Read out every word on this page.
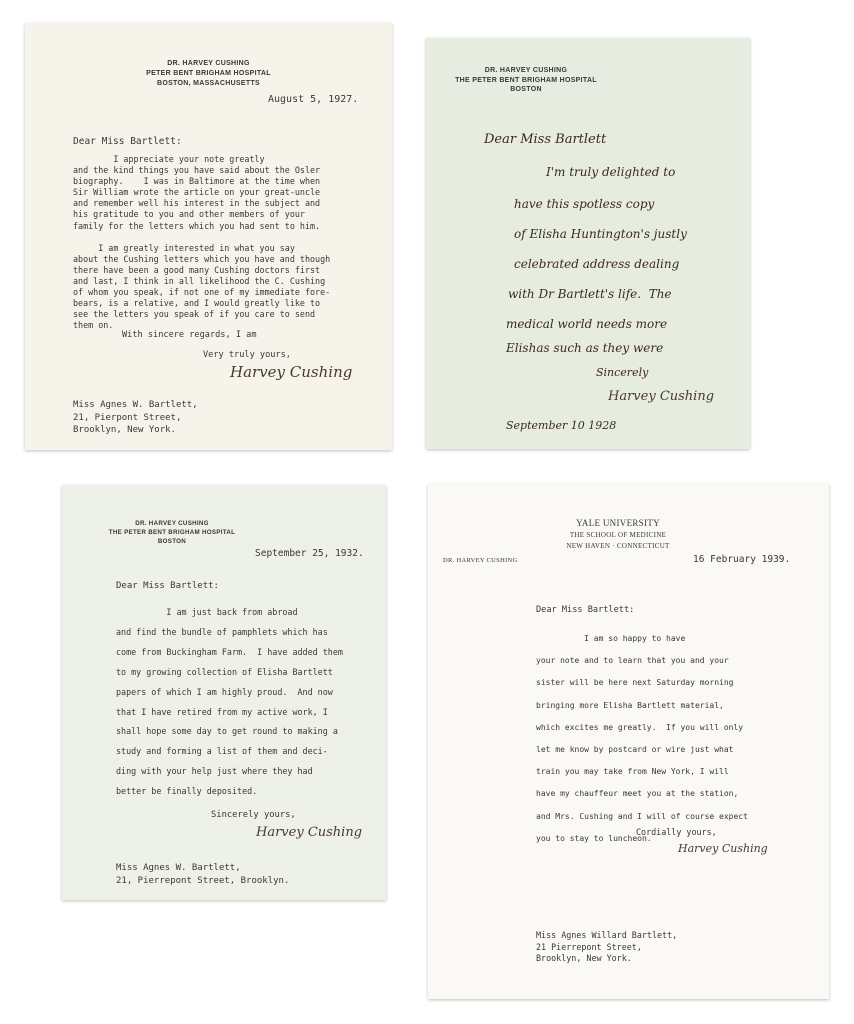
DR. HARVEY CUSHING
PETER BENT BRIGHAM HOSPITAL
BOSTON, MASSACHUSETTS
August 5, 1927.
Dear Miss Bartlett:
I appreciate your note greatly
and the kind things you have said about the Osler
biography.    I was in Baltimore at the time when
Sir William wrote the article on your great-uncle
and remember well his interest in the subject and
his gratitude to you and other members of your
family for the letters which you had sent to him.

I am greatly interested in what you say
about the Cushing letters which you have and though
there have been a good many Cushing doctors first
and last, I think in all likelihood the C. Cushing
of whom you speak, if not one of my immediate fore-
bears, is a relative, and I would greatly like to
see the letters you speak of if you care to send
them on.
With sincere regards, I am
Very truly yours,
Harvey Cushing
Miss Agnes W. Bartlett,
21, Pierpont Street,
Brooklyn, New York.
DR. HARVEY CUSHING
THE PETER BENT BRIGHAM HOSPITAL
BOSTON
Dear Miss Bartlett
I'm truly delighted to
have this spotless copy
of Elisha Huntington's justly
celebrated address dealing
with Dr Bartlett's life.  The
medical world needs more
Elishas such as they were
Sincerely
Harvey Cushing
September 10 1928
DR. HARVEY CUSHING
THE PETER BENT BRIGHAM HOSPITAL
BOSTON
September 25, 1932.
Dear Miss Bartlett:
I am just back from abroad
and find the bundle of pamphlets which has
come from Buckingham Farm.  I have added them
to my growing collection of Elisha Bartlett
papers of which I am highly proud.  And now
that I have retired from my active work, I
shall hope some day to get round to making a
study and forming a list of them and deci-
ding with your help just where they had
better be finally deposited.
Sincerely yours,
Harvey Cushing
Miss Agnes W. Bartlett,
21, Pierrepont Street, Brooklyn.
YALE UNIVERSITY
THE SCHOOL OF MEDICINE
NEW HAVEN · CONNECTICUT
DR. HARVEY CUSHING	16 February 1939.
Dear Miss Bartlett:
I am so happy to have
your note and to learn that you and your
sister will be here next Saturday morning
bringing more Elisha Bartlett material,
which excites me greatly.  If you will only
let me know by postcard or wire just what
train you may take from New York, I will
have my chauffeur meet you at the station,
and Mrs. Cushing and I will of course expect
you to stay to luncheon.
Cordially yours,
Harvey Cushing
Miss Agnes Willard Bartlett,
21 Pierrepont Street,
Brooklyn, New York.
